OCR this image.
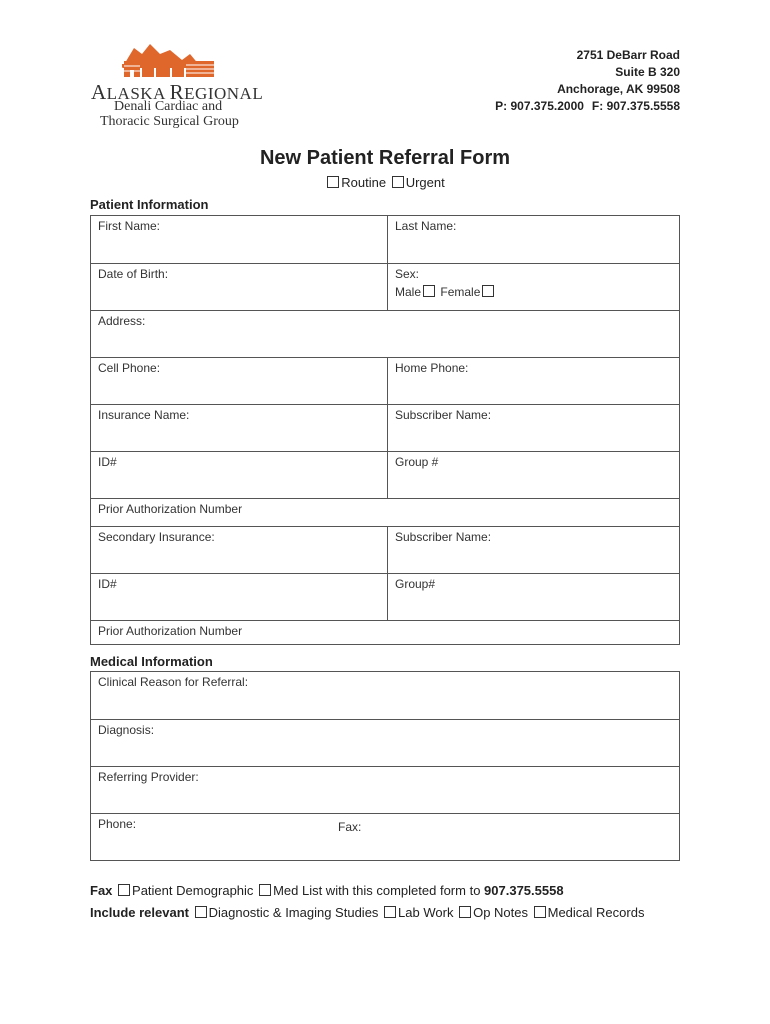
ALASKA REGIONAL
Denali Cardiac and
Thoracic Surgical Group
2751 DeBarr Road
Suite B 320
Anchorage, AK 99508
P: 907.375.2000 F: 907.375.5558
New Patient Referral Form
Routine Urgent
Patient Information
First Name:	Last Name:
Date of Birth:	Sex:
Male Female
Address:
Cell Phone:	Home Phone:
Insurance Name:	Subscriber Name:
ID#	Group #
Prior Authorization Number
Secondary Insurance:	Subscriber Name:
ID#	Group#
Prior Authorization Number
Medical Information
Clinical Reason for Referral:
Diagnosis:
Referring Provider:
Phone:	Fax:
Fax Patient Demographic Med List with this completed form to 907.375.5558
Include relevant Diagnostic & Imaging Studies Lab Work Op Notes Medical Records
